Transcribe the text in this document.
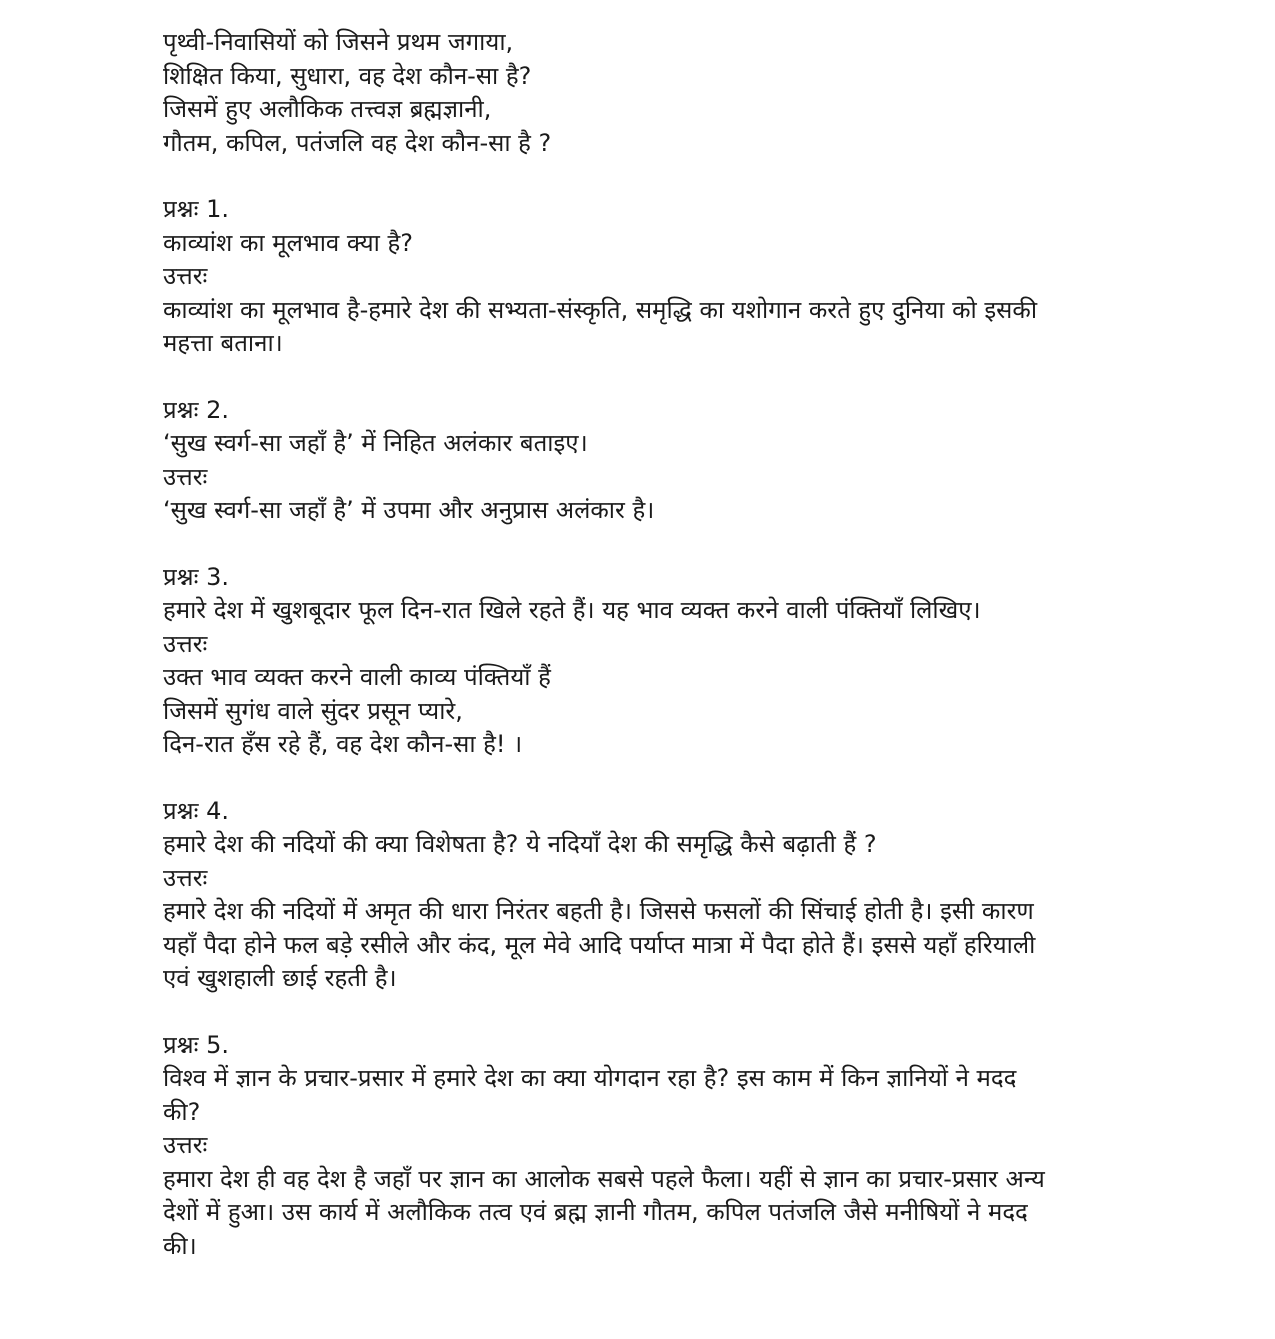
पृथ्वी-निवासियों को जिसने प्रथम जगाया,
शिक्षित किया, सुधारा, वह देश कौन-सा है?
जिसमें हुए अलौकिक तत्त्वज्ञ ब्रह्मज्ञानी,
गौतम, कपिल, पतंजलि वह देश कौन-सा है ?
प्रश्नः 1.
काव्यांश का मूलभाव क्या है?
उत्तरः
काव्यांश का मूलभाव है-हमारे देश की सभ्यता-संस्कृति, समृद्धि का यशोगान करते हुए दुनिया को इसकी
महत्ता बताना।
प्रश्नः 2.
‘सुख स्वर्ग-सा जहाँ है’ में निहित अलंकार बताइए।
उत्तरः
‘सुख स्वर्ग-सा जहाँ है’ में उपमा और अनुप्रास अलंकार है।
प्रश्नः 3.
हमारे देश में खुशबूदार फूल दिन-रात खिले रहते हैं। यह भाव व्यक्त करने वाली पंक्तियाँ लिखिए।
उत्तरः
उक्त भाव व्यक्त करने वाली काव्य पंक्तियाँ हैं
जिसमें सुगंध वाले सुंदर प्रसून प्यारे,
दिन-रात हँस रहे हैं, वह देश कौन-सा है! ।
प्रश्नः 4.
हमारे देश की नदियों की क्या विशेषता है? ये नदियाँ देश की समृद्धि कैसे बढ़ाती हैं ?
उत्तरः
हमारे देश की नदियों में अमृत की धारा निरंतर बहती है। जिससे फसलों की सिंचाई होती है। इसी कारण
यहाँ पैदा होने फल बड़े रसीले और कंद, मूल मेवे आदि पर्याप्त मात्रा में पैदा होते हैं। इससे यहाँ हरियाली
एवं खुशहाली छाई रहती है।
प्रश्नः 5.
विश्व में ज्ञान के प्रचार-प्रसार में हमारे देश का क्या योगदान रहा है? इस काम में किन ज्ञानियों ने मदद
की?
उत्तरः
हमारा देश ही वह देश है जहाँ पर ज्ञान का आलोक सबसे पहले फैला। यहीं से ज्ञान का प्रचार-प्रसार अन्य
देशों में हुआ। उस कार्य में अलौकिक तत्व एवं ब्रह्म ज्ञानी गौतम, कपिल पतंजलि जैसे मनीषियों ने मदद
की।
